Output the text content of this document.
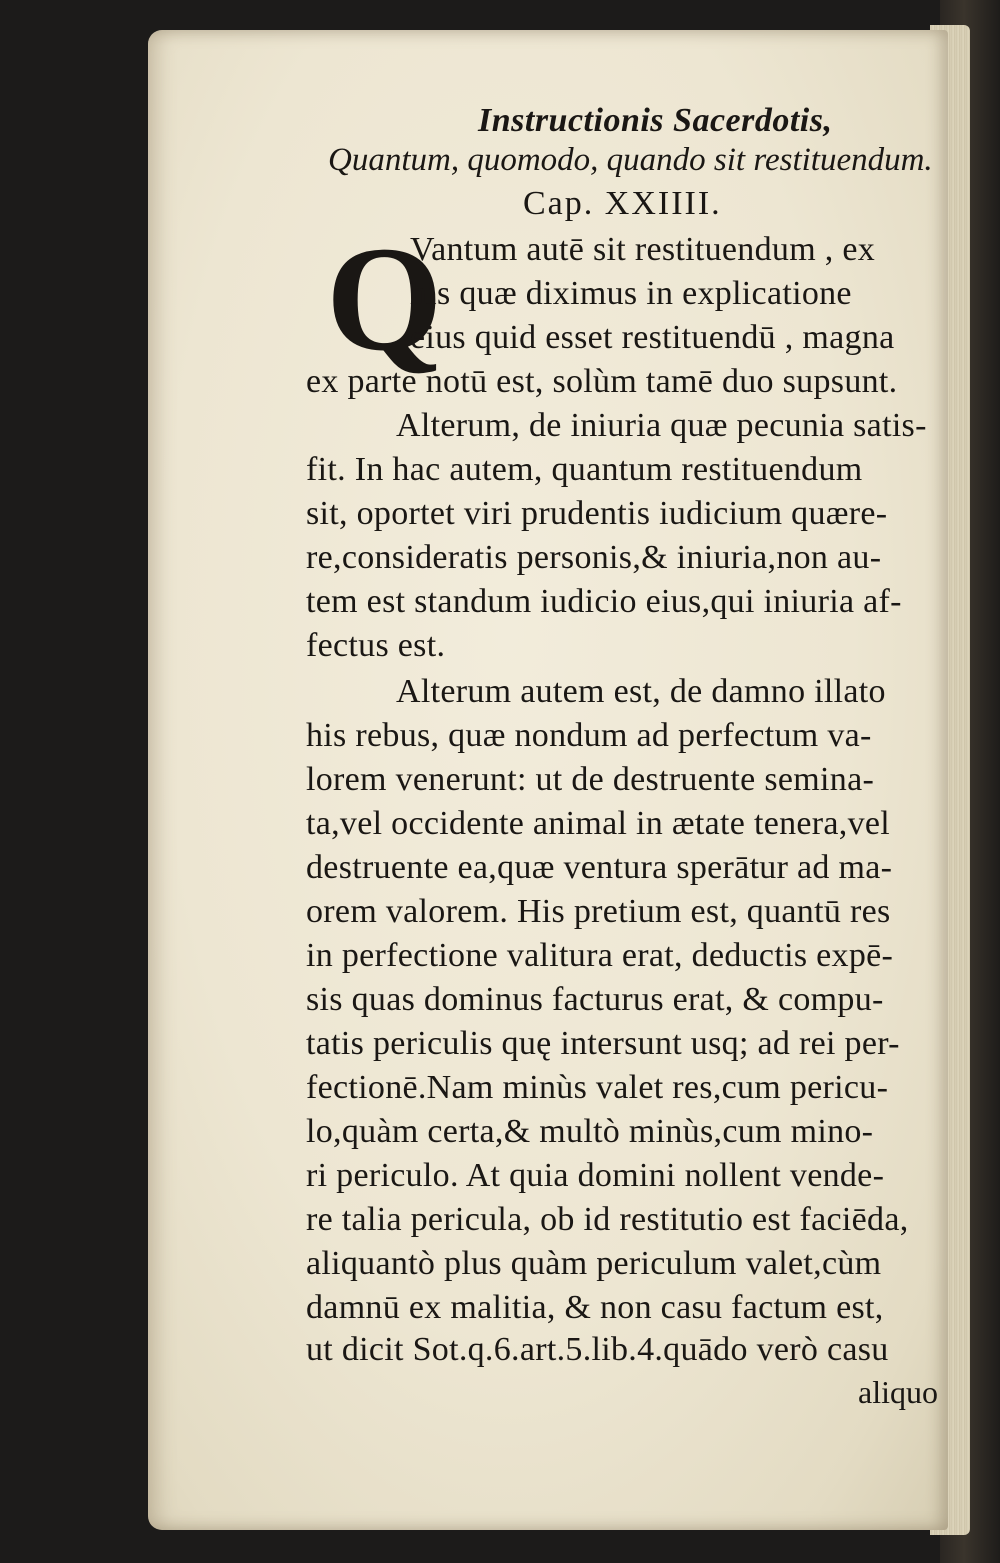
Instructionis Sacerdotis,
Quantum, quomodo, quando sit restituendum.
Cap. XXIIII.
Q
Vantum autē sit restituendum , ex
his quæ diximus in explicatione
eius quid esset restituendū , magna
ex parte notū est, solùm tamē duo supsunt.
Alterum, de iniuria quæ pecunia satis-
fit. In hac autem, quantum restituendum
sit, oportet viri prudentis iudicium quære-
re,consideratis personis,& iniuria,non au-
tem est standum iudicio eius,qui iniuria af-
fectus est.
Alterum autem est, de damno illato
his rebus, quæ nondum ad perfectum va-
lorem venerunt: ut de destruente semina-
ta,vel occidente animal in ætate tenera,vel
destruente ea,quæ ventura sperātur ad ma-
orem valorem. His pretium est, quantū res
in perfectione valitura erat, deductis expē-
sis quas dominus facturus erat, & compu-
tatis periculis quę intersunt usq; ad rei per-
fectionē.Nam minùs valet res,cum pericu-
lo,quàm certa,& multò minùs,cum mino-
ri periculo. At quia domini nollent vende-
re talia pericula, ob id restitutio est faciēda,
aliquantò plus quàm periculum valet,cùm
damnū ex malitia, & non casu factum est,
ut dicit Sot.q.6.art.5.lib.4.quādo verò casu
aliquo
